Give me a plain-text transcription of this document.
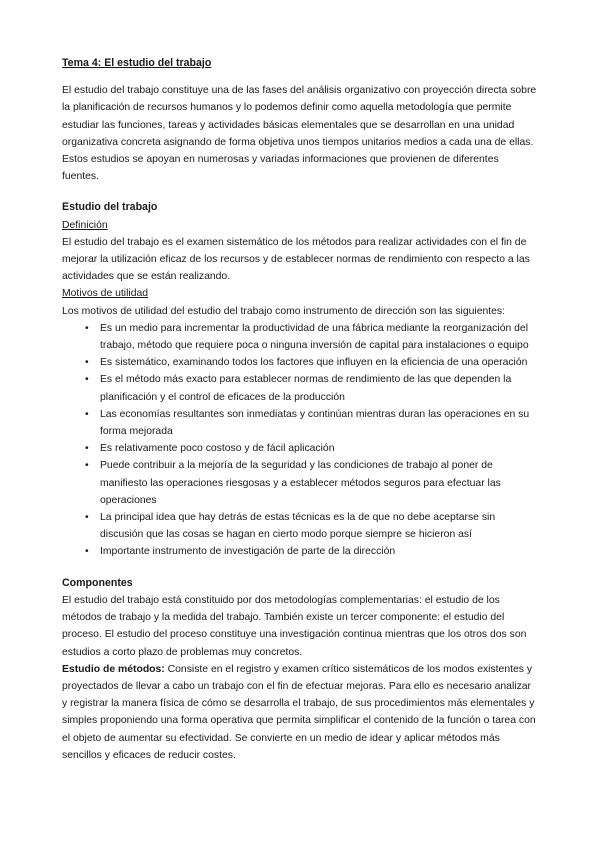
Tema 4: El estudio del trabajo

El estudio del trabajo constituye una de las fases del análisis organizativo con proyección directa sobre la planificación de recursos humanos y lo podemos definir como aquella metodología que permite estudiar las funciones, tareas y actividades básicas elementales que se desarrollan en una unidad organizativa concreta asignando de forma objetiva unos tiempos unitarios medios a cada una de ellas. Estos estudios se apoyan en numerosas y variadas informaciones que provienen de diferentes fuentes.

Estudio del trabajo

Definición

El estudio del trabajo es el examen sistemático de los métodos para realizar actividades con el fin de mejorar la utilización eficaz de los recursos y de establecer normas de rendimiento con respecto a las actividades que se están realizando.

Motivos de utilidad

Los motivos de utilidad del estudio del trabajo como instrumento de dirección son las siguientes:

• Es un medio para incrementar la productividad de una fábrica mediante la reorganización del trabajo, método que requiere poca o ninguna inversión de capital para instalaciones o equipo
• Es sistemático, examinando todos los factores que influyen en la eficiencia de una operación
• Es el método más exacto para establecer normas de rendimiento de las que dependen la planificación y el control de eficaces de la producción
• Las economías resultantes son inmediatas y continúan mientras duran las operaciones en su forma mejorada
• Es relativamente poco costoso y de fácil aplicación
• Puede contribuir a la mejoría de la seguridad y las condiciones de trabajo al poner de manifiesto las operaciones riesgosas y a establecer métodos seguros para efectuar las operaciones
• La principal idea que hay detrás de estas técnicas es la de que no debe aceptarse sin discusión que las cosas se hagan en cierto modo porque siempre se hicieron así
• Importante instrumento de investigación de parte de la dirección

Componentes

El estudio del trabajo está constituido por dos metodologías complementarias: el estudio de los métodos de trabajo y la medida del trabajo. También existe un tercer componente: el estudio del proceso. El estudio del proceso constituye una investigación continua mientras que los otros dos son estudios a corto plazo de problemas muy concretos.

Estudio de métodos: Consiste en el registro y examen crítico sistemáticos de los modos existentes y proyectados de llevar a cabo un trabajo con el fin de efectuar mejoras. Para ello es necesario analizar y registrar la manera física de cómo se desarrolla el trabajo, de sus procedimientos más elementales y simples proponiendo una forma operativa que permita simplificar el contenido de la función o tarea con el objeto de aumentar su efectividad. Se convierte en un medio de idear y aplicar métodos más sencillos y eficaces de reducir costes.
